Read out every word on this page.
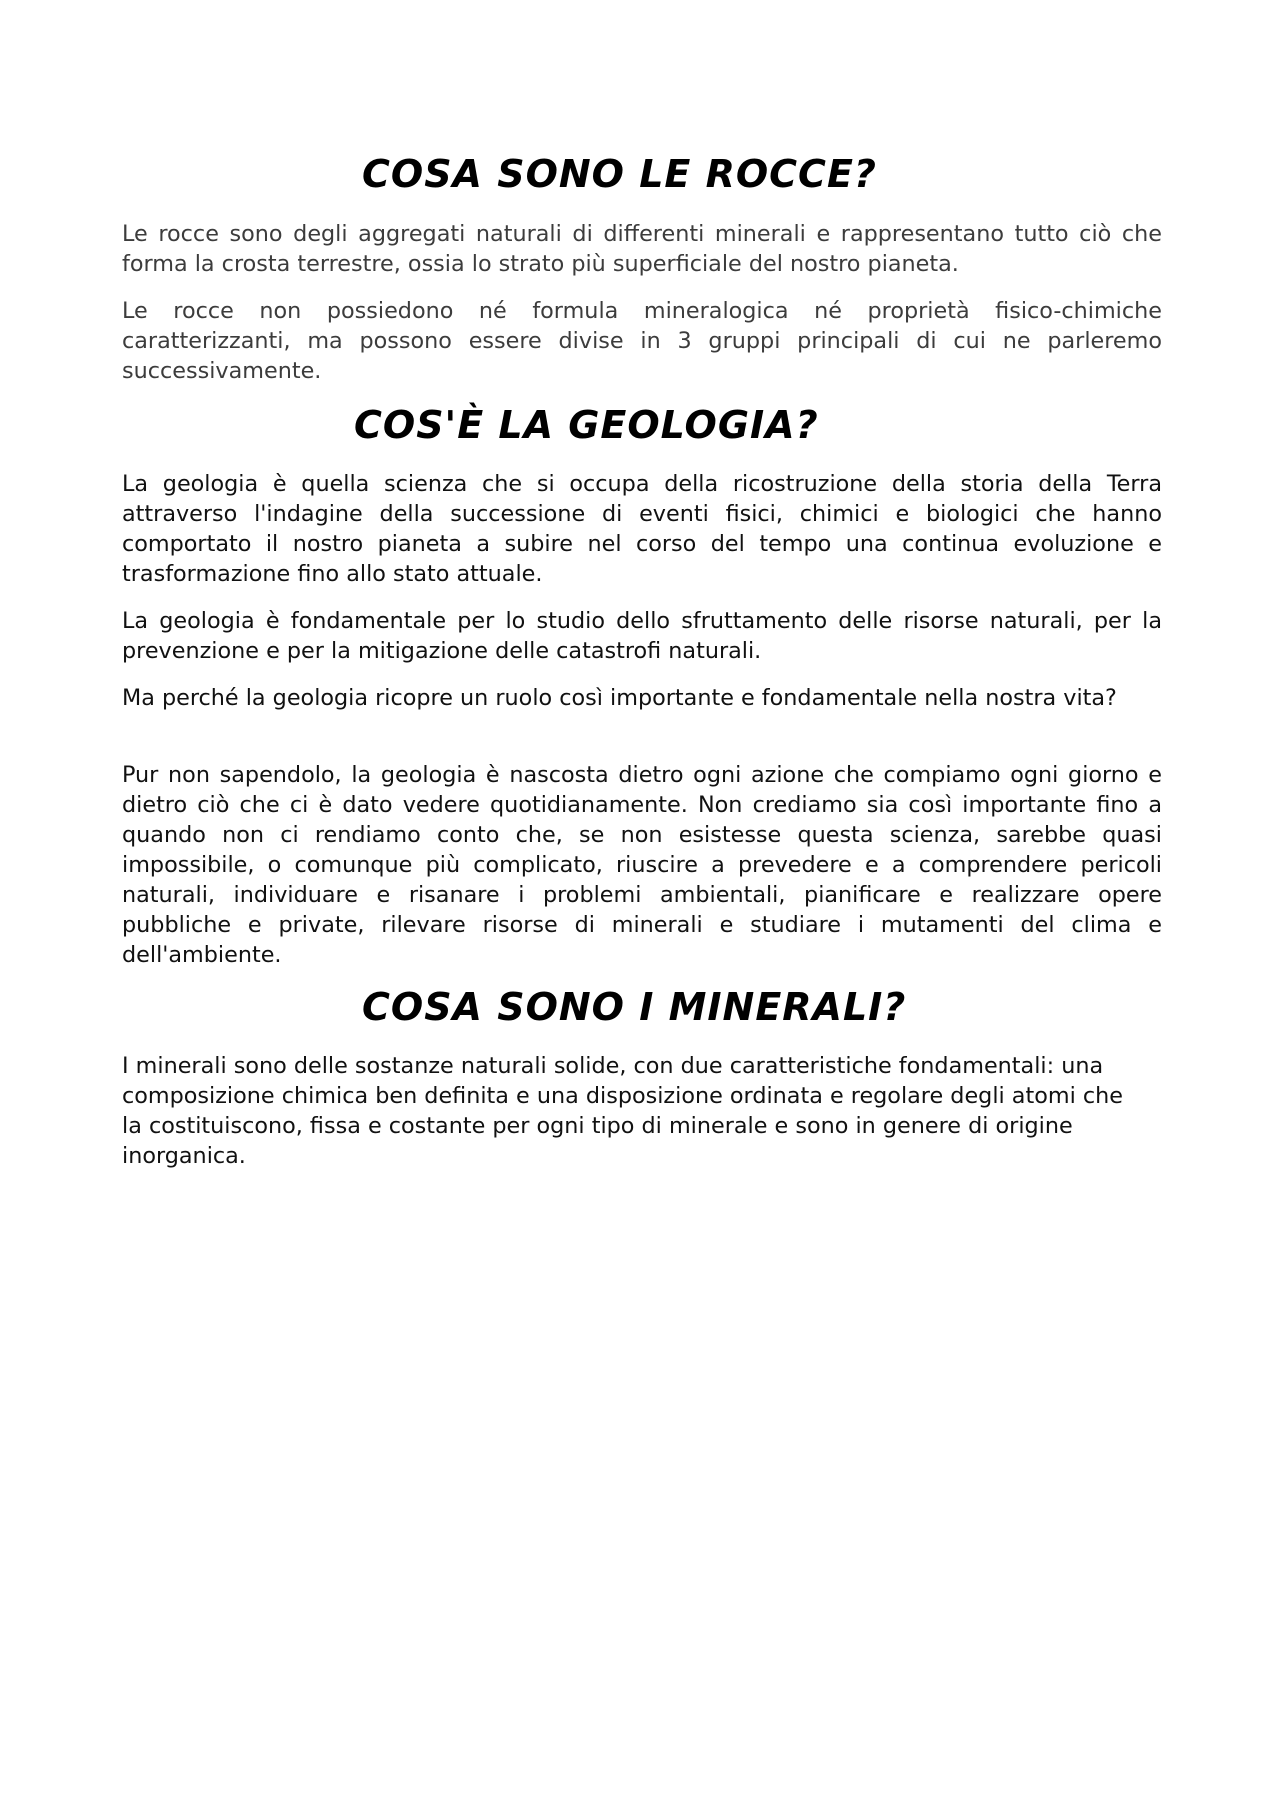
COSA SONO LE ROCCE?

Le rocce sono degli aggregati naturali di differenti minerali e rappresentano tutto ciò che forma la crosta terrestre, ossia lo strato più superficiale del nostro pianeta.

Le rocce non possiedono né formula mineralogica né proprietà fisico-chimiche caratterizzanti, ma possono essere divise in 3 gruppi principali di cui ne parleremo successivamente.

COS'È LA GEOLOGIA?

La geologia è quella scienza che si occupa della ricostruzione della storia della Terra attraverso l'indagine della successione di eventi fisici, chimici e biologici che hanno comportato il nostro pianeta a subire nel corso del tempo una continua evoluzione e trasformazione fino allo stato attuale.

La geologia è fondamentale per lo studio dello sfruttamento delle risorse naturali, per la prevenzione e per la mitigazione delle catastrofi naturali.

Ma perché la geologia ricopre un ruolo così importante e fondamentale nella nostra vita?

Pur non sapendolo, la geologia è nascosta dietro ogni azione che compiamo ogni giorno e dietro ciò che ci è dato vedere quotidianamente. Non crediamo sia così importante fino a quando non ci rendiamo conto che, se non esistesse questa scienza, sarebbe quasi impossibile, o comunque più complicato, riuscire a prevedere e a comprendere pericoli naturali, individuare e risanare i problemi ambientali, pianificare e realizzare opere pubbliche e private, rilevare risorse di minerali e studiare i mutamenti del clima e dell'ambiente.

COSA SONO I MINERALI?

I minerali sono delle sostanze naturali solide, con due caratteristiche fondamentali: una composizione chimica ben definita e una disposizione ordinata e regolare degli atomi che la costituiscono, fissa e costante per ogni tipo di minerale e sono in genere di origine inorganica.
